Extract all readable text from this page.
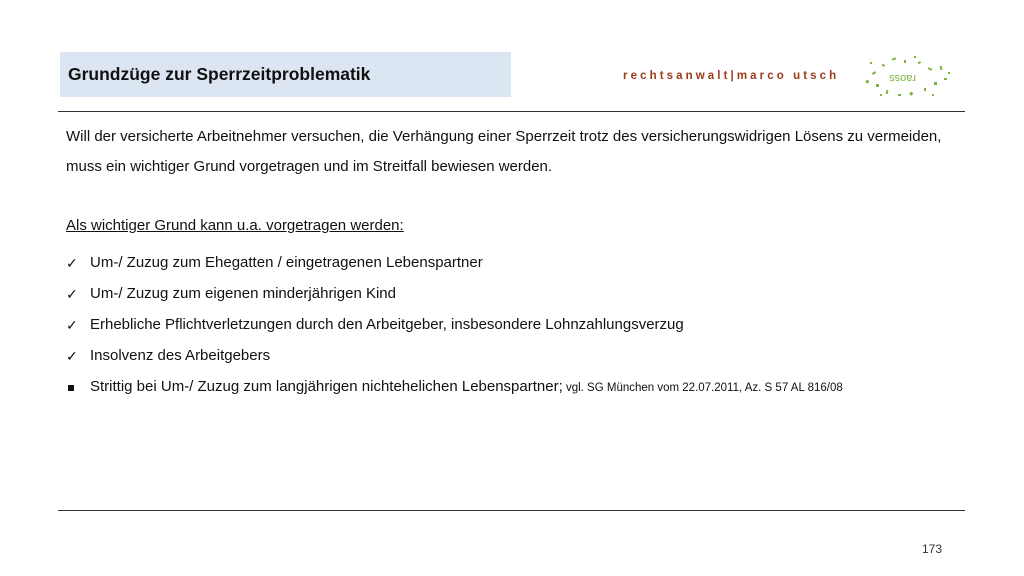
Grundzüge zur Sperrzeitproblematik	rechtsanwalt|marco utsch	raoss

Will der versicherte Arbeitnehmer versuchen, die Verhängung einer Sperrzeit trotz des versicherungswidrigen Lösens zu vermeiden, muss ein wichtiger Grund vorgetragen und im Streitfall bewiesen werden.

Als wichtiger Grund kann u.a. vorgetragen werden:

✓ Um-/ Zuzug zum Ehegatten / eingetragenen Lebenspartner
✓ Um-/ Zuzug zum eigenen minderjährigen Kind
✓ Erhebliche Pflichtverletzungen durch den Arbeitgeber, insbesondere Lohnzahlungsverzug
✓ Insolvenz des Arbeitgebers
Strittig bei Um-/ Zuzug zum langjährigen nichtehelichen Lebenspartner; vgl. SG München vom 22.07.2011, Az. S 57 AL 816/08
173
